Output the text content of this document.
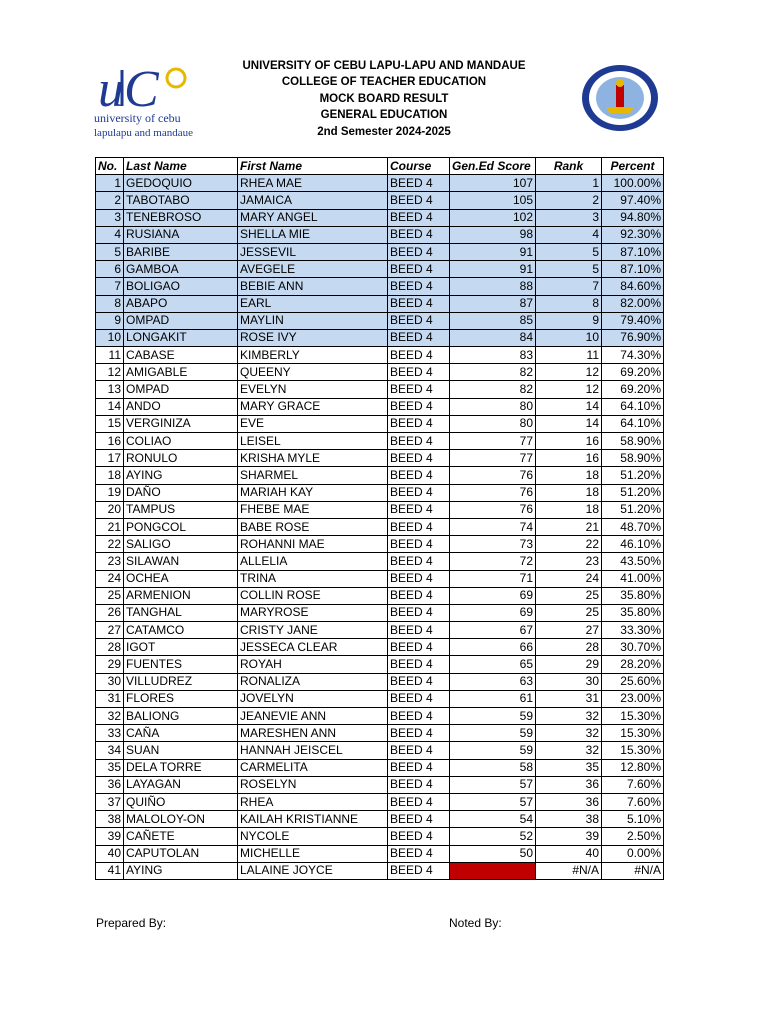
u C
university of cebu
lapulapu and mandaue
UNIVERSITY OF CEBU LAPU-LAPU AND MANDAUE
COLLEGE OF TEACHER EDUCATION
MOCK BOARD RESULT
GENERAL EDUCATION
2nd Semester 2024-2025
No.	Last Name	First Name	Course	Gen.Ed Score	Rank	Percent
1	GEDOQUIO	RHEA MAE	BEED 4	107	1	100.00%
2	TABOTABO	JAMAICA	BEED 4	105	2	97.40%
3	TENEBROSO	MARY ANGEL	BEED 4	102	3	94.80%
4	RUSIANA	SHELLA MIE	BEED 4	98	4	92.30%
5	BARIBE	JESSEVIL	BEED 4	91	5	87.10%
6	GAMBOA	AVEGELE	BEED 4	91	5	87.10%
7	BOLIGAO	BEBIE ANN	BEED 4	88	7	84.60%
8	ABAPO	EARL	BEED 4	87	8	82.00%
9	OMPAD	MAYLIN	BEED 4	85	9	79.40%
10	LONGAKIT	ROSE IVY	BEED 4	84	10	76.90%
11	CABASE	KIMBERLY	BEED 4	83	11	74.30%
12	AMIGABLE	QUEENY	BEED 4	82	12	69.20%
13	OMPAD	EVELYN	BEED 4	82	12	69.20%
14	ANDO	MARY GRACE	BEED 4	80	14	64.10%
15	VERGINIZA	EVE	BEED 4	80	14	64.10%
16	COLIAO	LEISEL	BEED 4	77	16	58.90%
17	RONULO	KRISHA MYLE	BEED 4	77	16	58.90%
18	AYING	SHARMEL	BEED 4	76	18	51.20%
19	DAÑO	MARIAH KAY	BEED 4	76	18	51.20%
20	TAMPUS	FHEBE MAE	BEED 4	76	18	51.20%
21	PONGCOL	BABE ROSE	BEED 4	74	21	48.70%
22	SALIGO	ROHANNI MAE	BEED 4	73	22	46.10%
23	SILAWAN	ALLELIA	BEED 4	72	23	43.50%
24	OCHEA	TRINA	BEED 4	71	24	41.00%
25	ARMENION	COLLIN ROSE	BEED 4	69	25	35.80%
26	TANGHAL	MARYROSE	BEED 4	69	25	35.80%
27	CATAMCO	CRISTY JANE	BEED 4	67	27	33.30%
28	IGOT	JESSECA CLEAR	BEED 4	66	28	30.70%
29	FUENTES	ROYAH	BEED 4	65	29	28.20%
30	VILLUDREZ	RONALIZA	BEED 4	63	30	25.60%
31	FLORES	JOVELYN	BEED 4	61	31	23.00%
32	BALIONG	JEANEVIE ANN	BEED 4	59	32	15.30%
33	CAÑA	MARESHEN ANN	BEED 4	59	32	15.30%
34	SUAN	HANNAH JEISCEL	BEED 4	59	32	15.30%
35	DELA TORRE	CARMELITA	BEED 4	58	35	12.80%
36	LAYAGAN	ROSELYN	BEED 4	57	36	7.60%
37	QUIÑO	RHEA	BEED 4	57	36	7.60%
38	MALOLOY-ON	KAILAH KRISTIANNE	BEED 4	54	38	5.10%
39	CAÑETE	NYCOLE	BEED 4	52	39	2.50%
40	CAPUTOLAN	MICHELLE	BEED 4	50	40	0.00%
41	AYING	LALAINE JOYCE	BEED 4		#N/A	#N/A
Prepared By:	Noted By:
